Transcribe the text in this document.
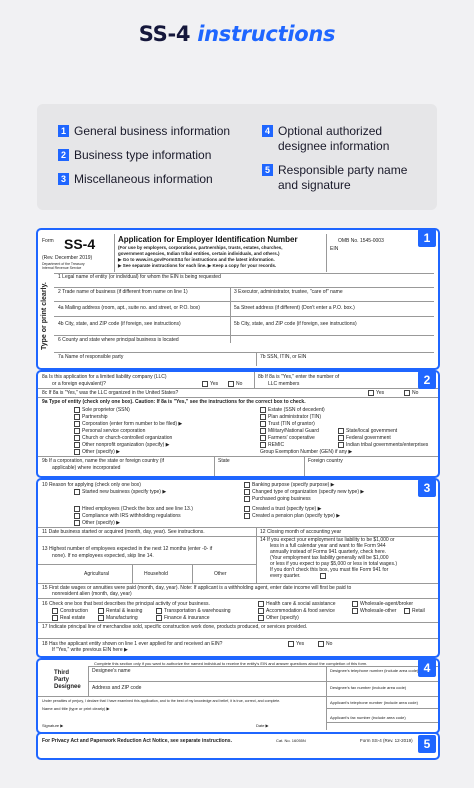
SS-4 instructions
1 General business information
2 Business type information
3 Miscellaneous information
4 Optional authorized designee information
5 Responsible party name and signature
Form SS-4
(Rev. December 2019)
Department of the Treasury Internal Revenue Service
Application for Employer Identification Number
(For use by employers, corporations, partnerships, trusts, estates, churches,
government agencies, Indian tribal entities, certain individuals, and others.)
▶ Go to www.irs.gov/FormSS4 for instructions and the latest information.
▶ See separate instructions for each line. ▶ Keep a copy for your records.
OMB No. 1545-0003
EIN
Type or print clearly.
1 Legal name of entity (or individual) for whom the EIN is being requested
2 Trade name of business (if different from name on line 1)	3 Executor, administrator, trustee, "care of" name
4a Mailing address (room, apt., suite no. and street, or P.O. box)	5a Street address (if different) (Don't enter a P.O. box.)
4b City, state, and ZIP code (if foreign, see instructions)	5b City, state, and ZIP code (if foreign, see instructions)
6 County and state where principal business is located
7a Name of responsible party	7b SSN, ITIN, or EIN
1
8a Is this application for a limited liability company (LLC)
or a foreign equivalent)?	Yes	No
8b If 8a is "Yes," enter the number of
LLC members
8c If 8a is "Yes," was the LLC organized in the United States?	Yes	No
9a Type of entity (check only one box). Caution: If 8a is "Yes," see the instructions for the correct box to check.
Sole proprietor (SSN)
Partnership
Corporation (enter form number to be filed) ▶
Personal service corporation
Church or church-controlled organization
Other nonprofit organization (specify) ▶
Other (specify) ▶
Estate (SSN of decedent)
Plan administrator (TIN)
Trust (TIN of grantor)
Military/National Guard
Farmers' cooperative
REMIC
Group Exemption Number (GEN) if any ▶
State/local government
Federal government
Indian tribal governments/enterprises
9b If a corporation, name the state or foreign country (if
applicable) where incorporated
State	Foreign country
2
10 Reason for applying (check only one box)
Started new business (specify type) ▶
Hired employees (Check the box and see line 13.)
Compliance with IRS withholding regulations
Other (specify) ▶
Banking purpose (specify purpose) ▶
Changed type of organization (specify new type) ▶
Purchased going business
Created a trust (specify type) ▶
Created a pension plan (specify type) ▶
11 Date business started or acquired (month, day, year). See instructions.	12 Closing month of accounting year
13 Highest number of employees expected in the next 12 months (enter -0- if
none). If no employees expected, skip line 14.
Agricultural	Household	Other
14 If you expect your employment tax liability to be $1,000 or
less in a full calendar year and want to file Form 944
annually instead of Forms 941 quarterly, check here.
(Your employment tax liability generally will be $1,000
or less if you expect to pay $5,000 or less in total wages.)
If you don't check this box, you must file Form 941 for
every quarter.
15 First date wages or annuities were paid (month, day, year). Note: If applicant is a withholding agent, enter date income will first be paid to
nonresident alien (month, day, year)
16 Check one box that best describes the principal activity of your business.	Health care & social assistance	Wholesale-agent/broker
Construction	Rental & leasing	Transportation & warehousing	Accommodation & food service	Wholesale-other	Retail
Real estate	Manufacturing	Finance & insurance	Other (specify)
17 Indicate principal line of merchandise sold, specific construction work done, products produced, or services provided.
18 Has the applicant entity shown on line 1 ever applied for and received an EIN?	Yes	No
If "Yes," write previous EIN here ▶
3
Complete this section only if you want to authorize the named individual to receive the entity's EIN and answer questions about the completion of this form.
Third
Party
Designee
Designee's name	Designee's telephone number (include area code)
Address and ZIP code	Designee's fax number (include area code)
Under penalties of perjury, I declare that I have examined this application, and to the best of my knowledge and belief, it is true, correct, and complete.	Applicant's telephone number (include area code)
Name and title (type or print clearly) ▶
Applicant's fax number (include area code)
Signature ▶	Date ▶
4
For Privacy Act and Paperwork Reduction Act Notice, see separate instructions.	Cat. No. 16055N	Form SS-4 (Rev. 12-2019) 5
